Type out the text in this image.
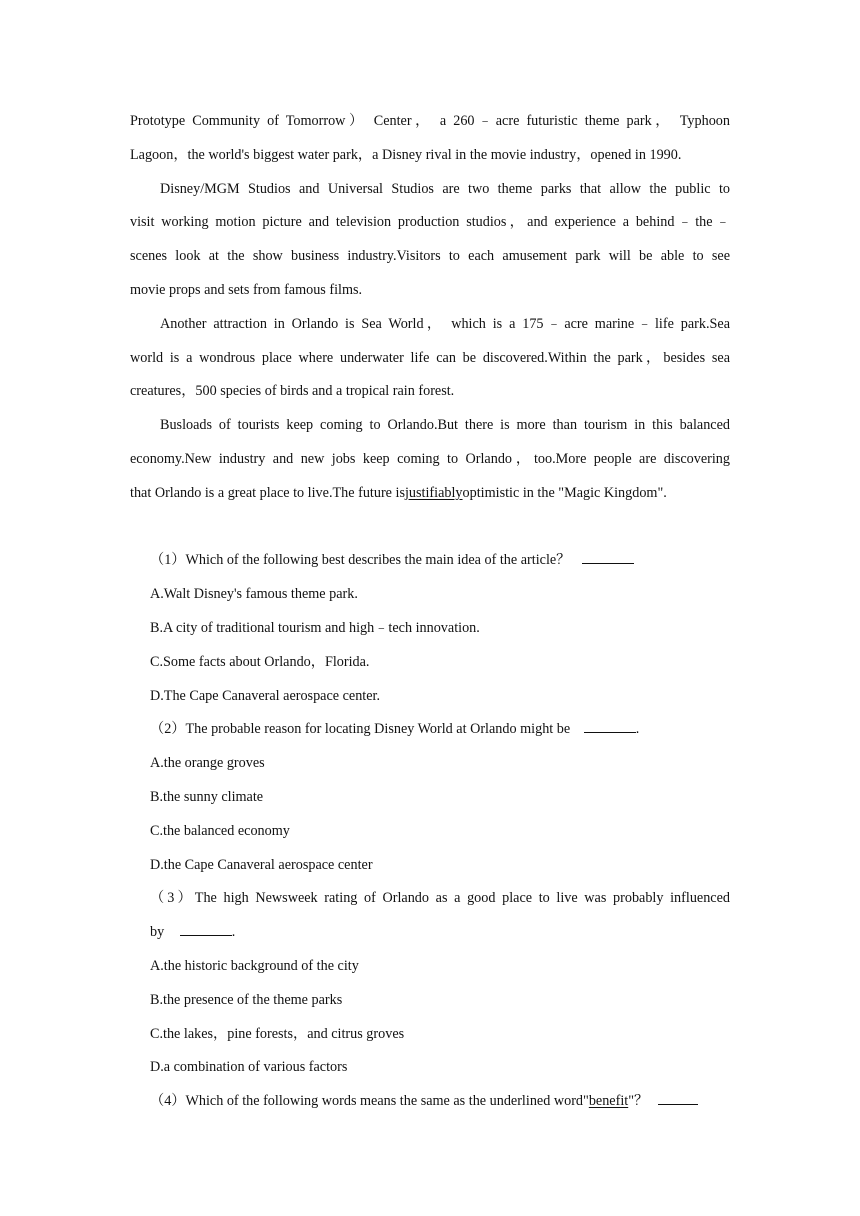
Prototype Community of Tomorrow） Center， a 260﹣acre futuristic theme park， Typhoon
Lagoon，the world's biggest water park，a Disney rival in the movie industry，opened in 1990.
Disney/MGM Studios and Universal Studios are two theme parks that allow the public to
visit working motion picture and television production studios，and experience a behind﹣the﹣
scenes look at the show business industry.Visitors to each amusement park will be able to see
movie props and sets from famous films.
Another attraction in Orlando is Sea World， which is a 175﹣acre marine﹣life park.Sea
world is a wondrous place where underwater life can be discovered.Within the park，besides sea
creatures，500 species of birds and a tropical rain forest.
Busloads of tourists keep coming to Orlando.But there is more than tourism in this balanced
economy.New industry and new jobs keep coming to Orlando，too.More people are discovering
that Orlando is a great place to live.The future isjustifiablyoptimistic in the "Magic Kingdom".
（1）Which of the following best describes the main idea of the article？
A.Walt Disney's famous theme park.
B.A city of traditional tourism and high﹣tech innovation.
C.Some facts about Orlando，Florida.
D.The Cape Canaveral aerospace center.
（2）The probable reason for locating Disney World at Orlando might be	.
A.the orange groves
B.the sunny climate
C.the balanced economy
D.the Cape Canaveral aerospace center
（3）The high Newsweek rating of Orlando as a good place to live was probably influenced
by	.
A.the historic background of the city
B.the presence of the theme parks
C.the lakes，pine forests，and citrus groves
D.a combination of various factors
（4）Which of the following words means the same as the underlined word"benefit"？
